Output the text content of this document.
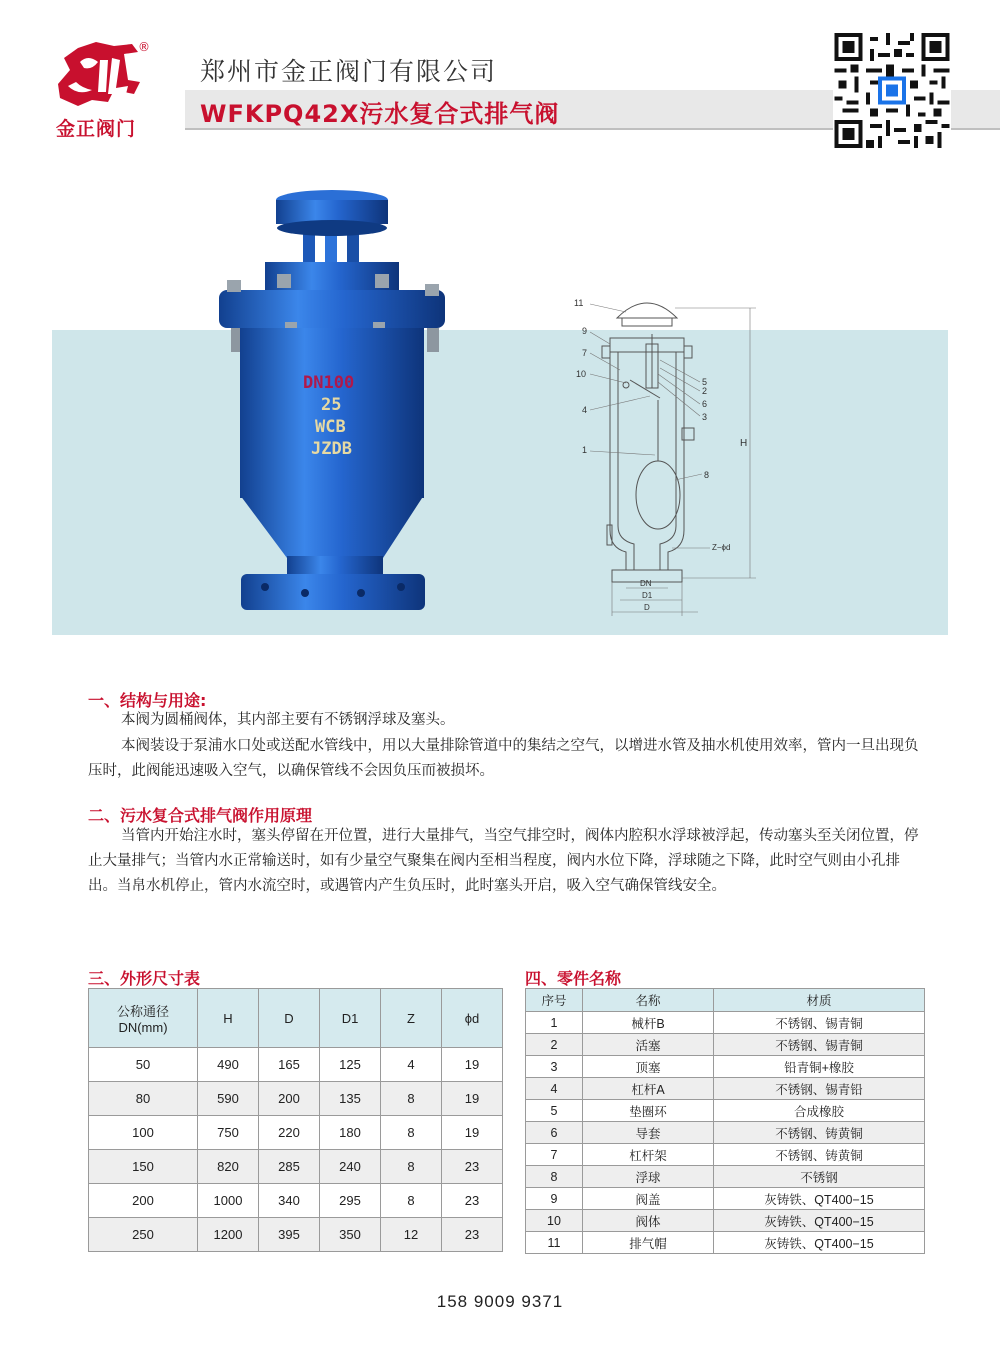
®
金正阀门
郑州市金正阀门有限公司
WFKPQ42X污水复合式排气阀
DN100
25
WCB
JZDB
11
9
7
10
4
1
5
2
6
3
8
H
Z−ϕd
DN
D1
D
一、结构与用途:
本阀为圆桶阀体，其内部主要有不锈钢浮球及塞头。
本阀装设于泵浦水口处或送配水管线中，用以大量排除管道中的集结之空气，以增进水管及抽水机使用效率，管内一旦出现负压时，此阀能迅速吸入空气，以确保管线不会因负压而被损坏。
二、污水复合式排气阀作用原理
当管内开始注水时，塞头停留在开位置，进行大量排气，当空气排空时，阀体内腔积水浮球被浮起，传动塞头至关闭位置，停止大量排气；当管内水正常输送时，如有少量空气聚集在阀内至相当程度，阀内水位下降，浮球随之下降，此时空气则由小孔排出。当帛水机停止，管内水流空时，或遇管内产生负压时，此时塞头开启，吸入空气确保管线安全。
三、外形尺寸表
公称通径
DN(mm)	H	D	D1	Z	ϕd
50	490	165	125	4	19
80	590	200	135	8	19
100	750	220	180	8	19
150	820	285	240	8	23
200	1000	340	295	8	23
250	1200	395	350	12	23
四、零件名称
序号	名称	材质
1	械杆B	不锈钢、锡青铜
2	活塞	不锈钢、锡青铜
3	顶塞	铅青铜+橡胶
4	杠杆A	不锈钢、锡青铅
5	垫圈环	合成橡胶
6	导套	不锈钢、铸黄铜
7	杠杆架	不锈钢、铸黄铜
8	浮球	不锈钢
9	阀盖	灰铸铁、QT400−15
10	阀体	灰铸铁、QT400−15
11	排气帽	灰铸铁、QT400−15
158 9009 9371
